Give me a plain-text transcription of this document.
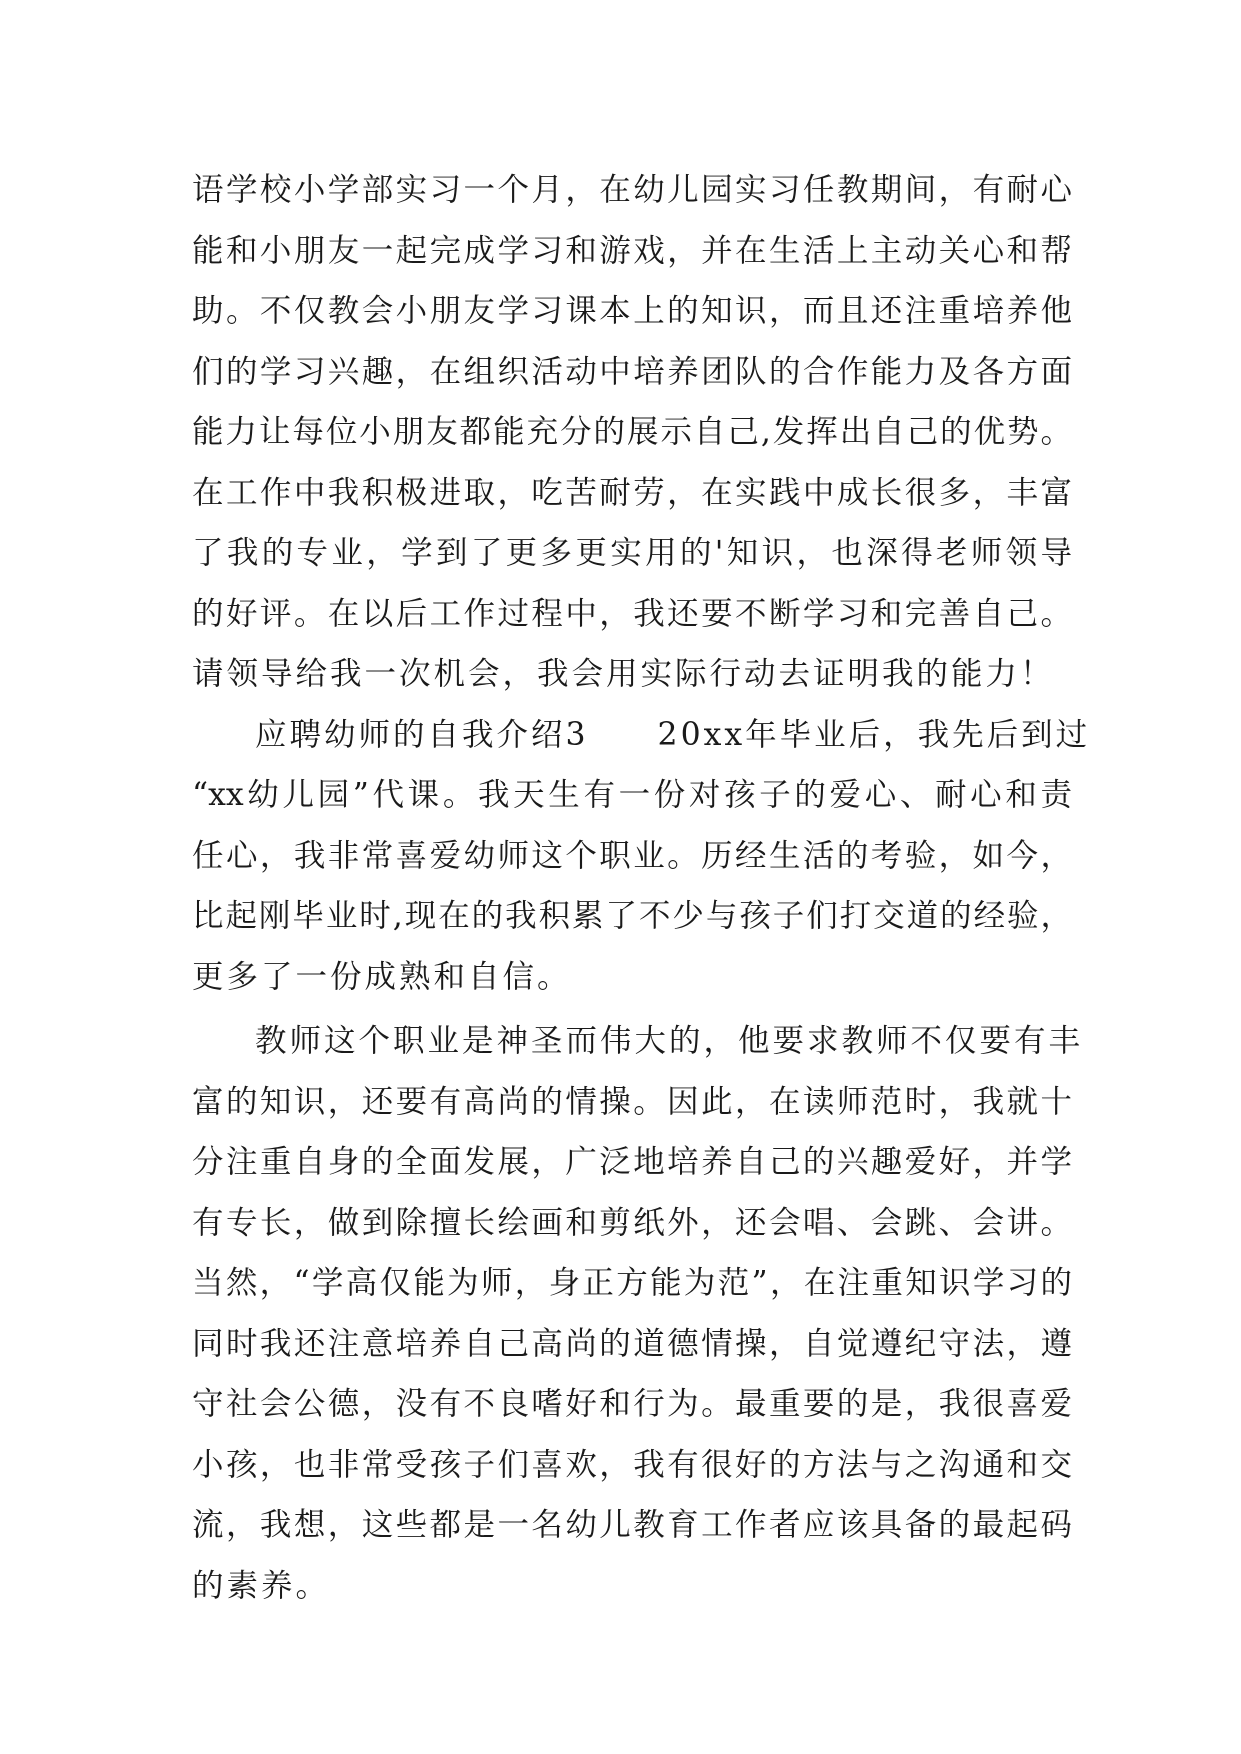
语学校小学部实习一个月，在幼儿园实习任教期间，有耐心
能和小朋友一起完成学习和游戏，并在生活上主动关心和帮
助。不仅教会小朋友学习课本上的知识，而且还注重培养他
们的学习兴趣，在组织活动中培养团队的合作能力及各方面
能力让每位小朋友都能充分的展示自己,发挥出自己的优势。
在工作中我积极进取，吃苦耐劳，在实践中成长很多，丰富
了我的专业，学到了更多更实用的'知识，也深得老师领导
的好评。在以后工作过程中，我还要不断学习和完善自己。
请领导给我一次机会，我会用实际行动去证明我的能力！
应聘幼师的自我介绍3　　20xx年毕业后，我先后到过
“xx幼儿园”代课。我天生有一份对孩子的爱心、耐心和责
任心，我非常喜爱幼师这个职业。历经生活的考验，如今，
比起刚毕业时,现在的我积累了不少与孩子们打交道的经验，
更多了一份成熟和自信。
教师这个职业是神圣而伟大的，他要求教师不仅要有丰
富的知识，还要有高尚的情操。因此，在读师范时，我就十
分注重自身的全面发展，广泛地培养自己的兴趣爱好，并学
有专长，做到除擅长绘画和剪纸外，还会唱、会跳、会讲。
当然，“学高仅能为师，身正方能为范”，在注重知识学习的
同时我还注意培养自己高尚的道德情操，自觉遵纪守法，遵
守社会公德，没有不良嗜好和行为。最重要的是，我很喜爱
小孩，也非常受孩子们喜欢，我有很好的方法与之沟通和交
流，我想，这些都是一名幼儿教育工作者应该具备的最起码
的素养。
